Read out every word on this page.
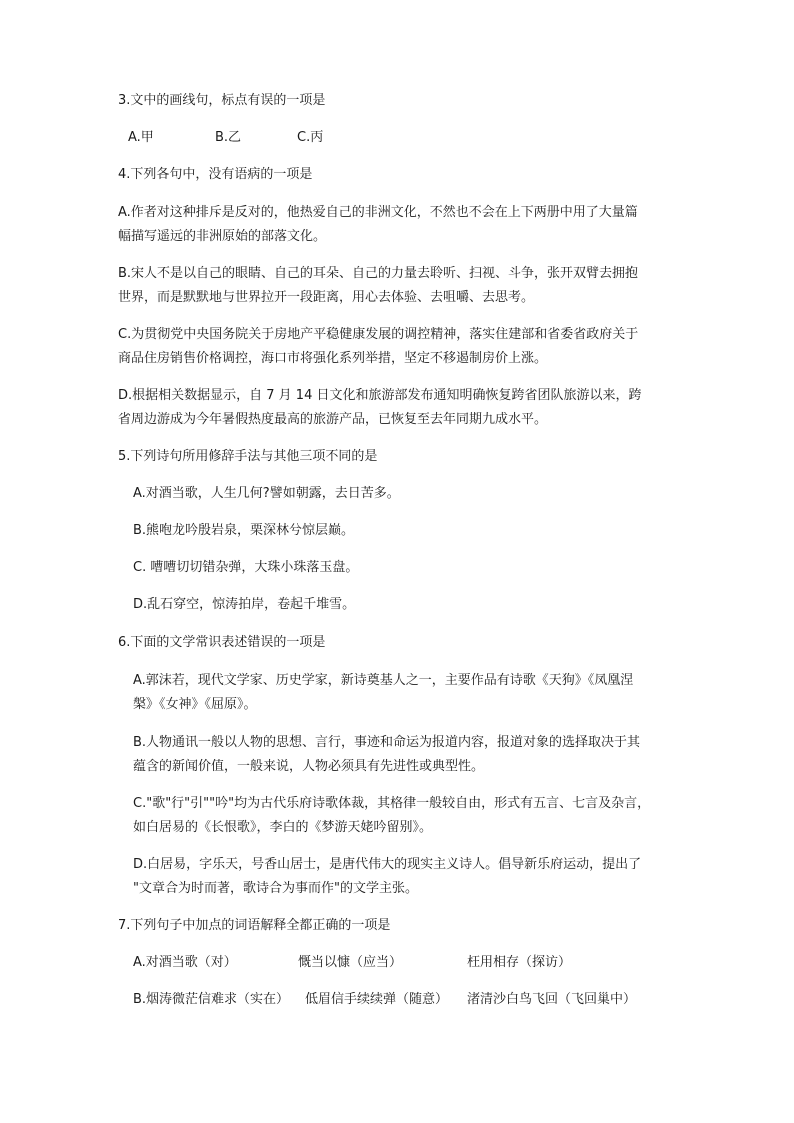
3.文中的画线句，标点有误的一项是
A.甲	B.乙	C.丙
4.下列各句中，没有语病的一项是
A.作者对这种排斥是反对的，他热爱自己的非洲文化，不然也不会在上下两册中用了大量篇
幅描写遥远的非洲原始的部落文化。
B.宋人不是以自己的眼睛、自己的耳朵、自己的力量去聆听、扫视、斗争，张开双臂去拥抱
世界，而是默默地与世界拉开一段距离，用心去体验、去咀嚼、去思考。
C.为贯彻党中央国务院关于房地产平稳健康发展的调控精神，落实住建部和省委省政府关于
商品住房销售价格调控，海口市将强化系列举措，坚定不移遏制房价上涨。
D.根据相关数据显示，自 7 月 14 日文化和旅游部发布通知明确恢复跨省团队旅游以来，跨
省周边游成为今年暑假热度最高的旅游产品，已恢复至去年同期九成水平。
5.下列诗句所用修辞手法与其他三项不同的是
A.对酒当歌，人生几何?譬如朝露，去日苦多。
B.熊咆龙吟殷岩泉，栗深林兮惊层巅。
C. 嘈嘈切切错杂弹，大珠小珠落玉盘。
D.乱石穿空，惊涛拍岸，卷起千堆雪。
6.下面的文学常识表述错误的一项是
A.郭沫若，现代文学家、历史学家，新诗奠基人之一，主要作品有诗歌《天狗》《凤凰涅
槃》《女神》《屈原》。
B.人物通讯一般以人物的思想、言行，事迹和命运为报道内容，报道对象的选择取决于其
蕴含的新闻价值，一般来说，人物必须具有先进性或典型性。
C."歌"行"引""吟"均为古代乐府诗歌体裁，其格律一般较自由，形式有五言、七言及杂言，
如白居易的《长恨歌》，李白的《梦游天姥吟留别》。
D.白居易，字乐天，号香山居士，是唐代伟大的现实主义诗人。倡导新乐府运动，提出了
"文章合为时而著，歌诗合为事而作"的文学主张。
7.下列句子中加点的词语解释全都正确的一项是
A.对酒当歌（对）	慨当以慷（应当）	枉用相存（探访）
B.烟涛微茫信难求（实在） 低眉信手续续弹（随意） 渚清沙白鸟飞回（飞回巢中）
